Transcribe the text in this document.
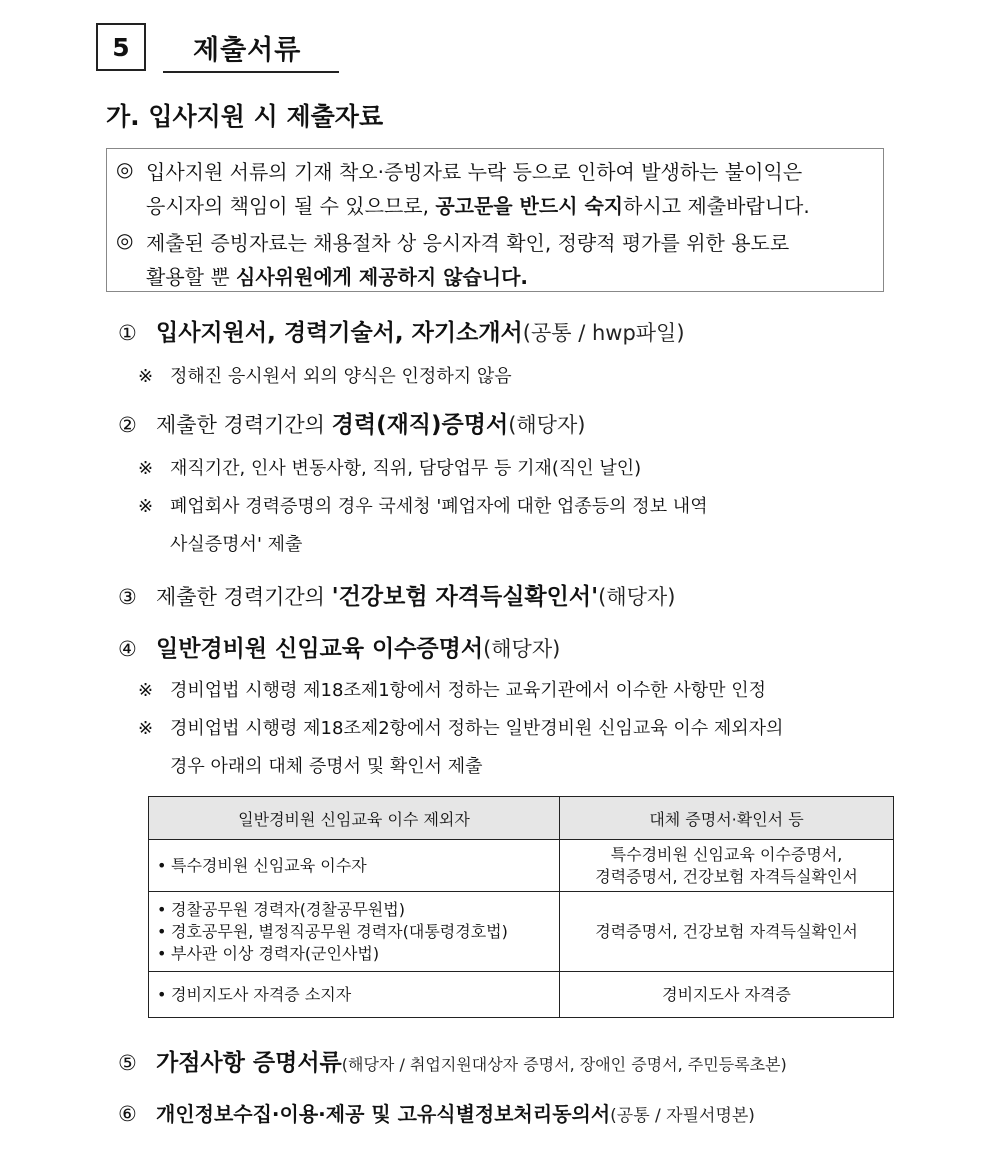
5	제출서류
가. 입사지원 시 제출자료
◎ 입사지원 서류의 기재 착오·증빙자료 누락 등으로 인하여 발생하는 불이익은
응시자의 책임이 될 수 있으므로, 공고문을 반드시 숙지하시고 제출바랍니다.
◎ 제출된 증빙자료는 채용절차 상 응시자격 확인, 정량적 평가를 위한 용도로
활용할 뿐 심사위원에게 제공하지 않습니다.
① 입사지원서, 경력기술서, 자기소개서(공통 / hwp파일)
※ 정해진 응시원서 외의 양식은 인정하지 않음
② 제출한 경력기간의 경력(재직)증명서(해당자)
※ 재직기간, 인사 변동사항, 직위, 담당업무 등 기재(직인 날인)
※ 폐업회사 경력증명의 경우 국세청 '폐업자에 대한 업종등의 정보 내역
사실증명서' 제출
③ 제출한 경력기간의 '건강보험 자격득실확인서'(해당자)
④ 일반경비원 신임교육 이수증명서(해당자)
※ 경비업법 시행령 제18조제1항에서 정하는 교육기관에서 이수한 사항만 인정
※ 경비업법 시행령 제18조제2항에서 정하는 일반경비원 신임교육 이수 제외자의
경우 아래의 대체 증명서 및 확인서 제출
일반경비원 신임교육 이수 제외자	대체 증명서·확인서 등
• 특수경비원 신임교육 이수자	특수경비원 신임교육 이수증명서,
경력증명서, 건강보험 자격득실확인서

• 경찰공무원 경력자(경찰공무원법)
• 경호공무원, 별정직공무원 경력자(대통령경호법)
• 부사관 이상 경력자(군인사법)	경력증명서, 건강보험 자격득실확인서
• 경비지도사 자격증 소지자	경비지도사 자격증
⑤ 가점사항 증명서류(해당자 / 취업지원대상자 증명서, 장애인 증명서, 주민등록초본)
⑥ 개인정보수집·이용·제공 및 고유식별정보처리동의서(공통 / 자필서명본)
